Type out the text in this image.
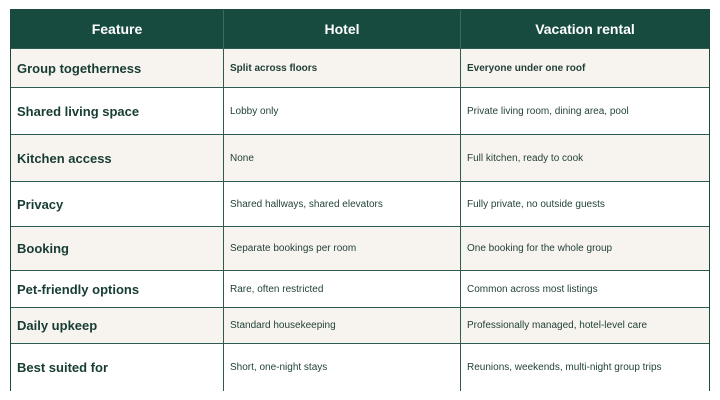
Feature	Hotel	Vacation rental
Group togetherness	Split across floors	Everyone under one roof
Shared living space	Lobby only	Private living room, dining area, pool
Kitchen access	None	Full kitchen, ready to cook
Privacy	Shared hallways, shared elevators	Fully private, no outside guests
Booking	Separate bookings per room	One booking for the whole group
Pet-friendly options	Rare, often restricted	Common across most listings
Daily upkeep	Standard housekeeping	Professionally managed, hotel-level care
Best suited for	Short, one-night stays	Reunions, weekends, multi-night group trips
